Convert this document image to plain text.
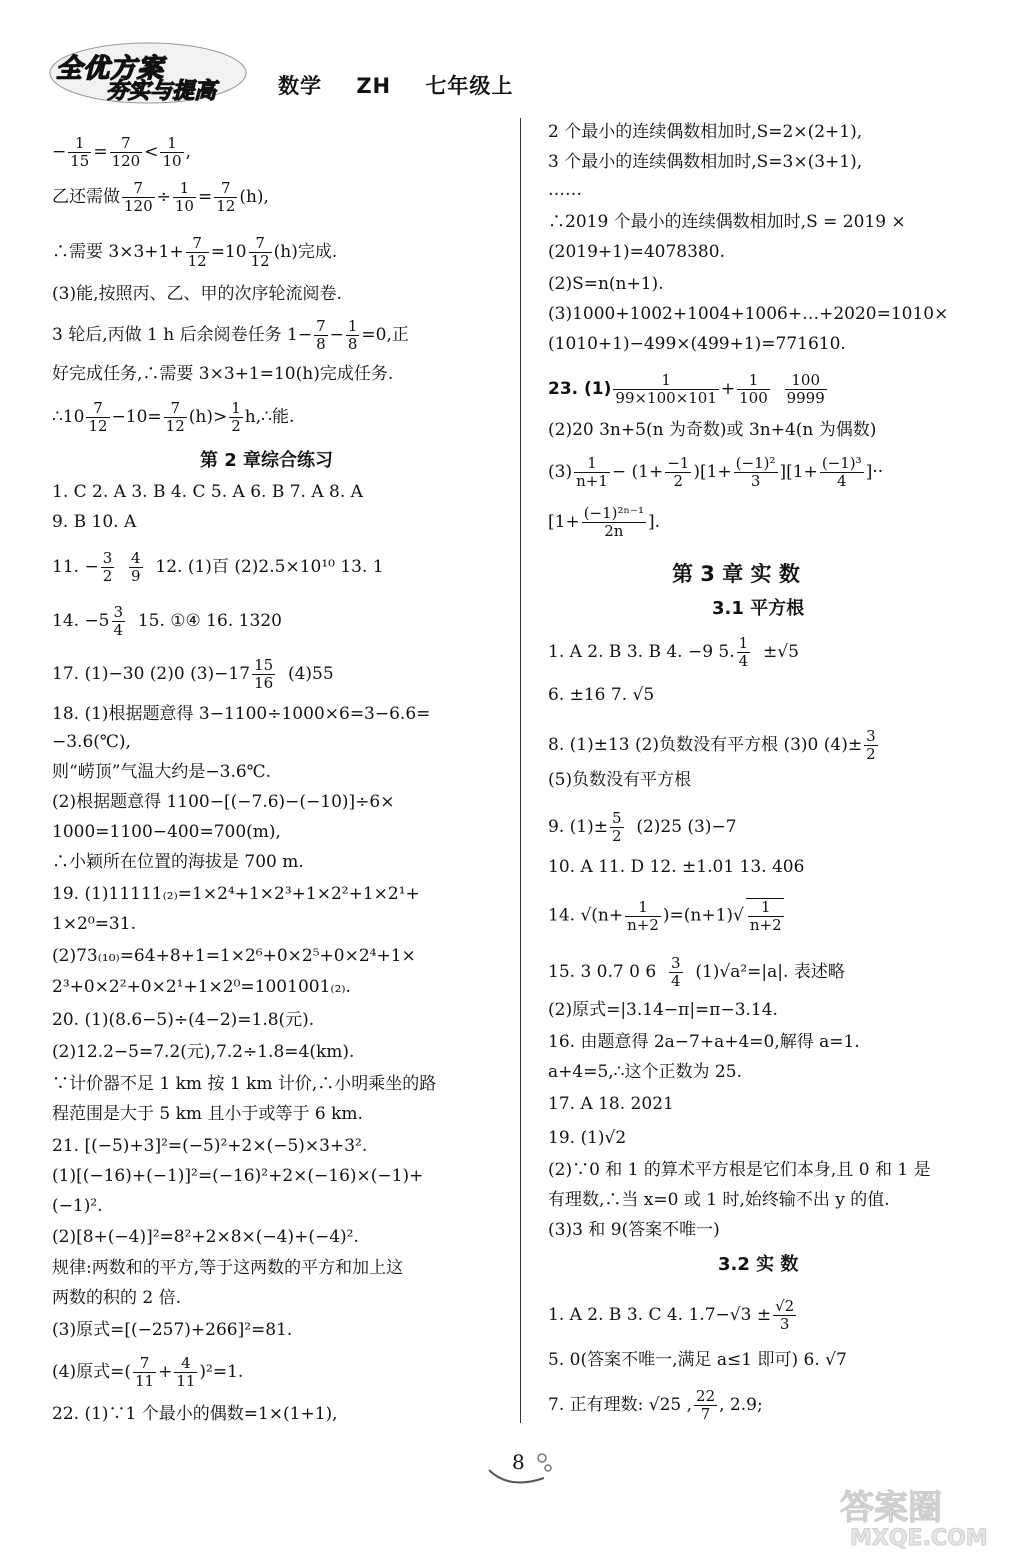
全优方案
夯实与提高	数学 ZH 七年级上
− $\frac{1}{15} = \frac{7}{120} < \frac{1}{10}$ ,
乙还需做 $\frac{7}{120} \div \frac{1}{10} = \frac{7}{12} (h)$,
∴需要 $3\times 3+1+ \frac{7}{12} =10 \frac{7}{12} (h)$完成.
(3)能,按照丙、乙、甲的次序轮流阅卷.
3 轮后,丙做 1 h 后余阅卷任务 $1- \frac{7}{8} - \frac{1}{8} =0$,正
好完成任务,∴需要 3×3+1=10(h)完成任务.
∴10 $\frac{7}{12} -10= \frac{7}{12} (h)> \frac{1}{2}$ h,∴能.
第 2 章综合练习
1. C 2. A 3. B 4. C 5. A 6. B 7. A 8. A
9. B 10. A
11. − $\frac{3}{2}$
$\frac{4}{9} 12$. (1)百 (2)2.5×10¹⁰ 13. 1
14. $-5 \frac{3}{4} 15$. ①④ 16. 1320
17. (1)−30 (2)0 $(3)-17 \frac{15}{16} (4)55$
18. (1)根据题意得 3−1100÷1000×6=3−6.6=
−3.6(℃),
则“崂顶”气温大约是−3.6℃.
(2)根据题意得 1100−[(−7.6)−(−10)]÷6×
1000=1100−400=700(m),
∴小颖所在位置的海拔是 700 m.
19. (1)11111₍₂₎=1×2⁴+1×2³+1×2²+1×2¹+
1×2⁰=31.
(2)73₍₁₀₎=64+8+1=1×2⁶+0×2⁵+0×2⁴+1×
2³+0×2²+0×2¹+1×2⁰=1001001₍₂₎.
20. (1)(8.6−5)÷(4−2)=1.8(元).
(2)12.2−5=7.2(元),7.2÷1.8=4(km).
∵计价器不足 1 km 按 1 km 计价,∴小明乘坐的路
程范围是大于 5 km 且小于或等于 6 km.
21. [(−5)+3]²=(−5)²+2×(−5)×3+3².
(1)[(−16)+(−1)]²=(−16)²+2×(−16)×(−1)+
(−1)².
(2)[8+(−4)]²=8²+2×8×(−4)+(−4)².
规律:两数和的平方,等于这两数的平方和加上这
两数的积的 2 倍.
(3)原式=[(−257)+266]²=81.
(4)原式=( $\frac{7}{11} + \frac{4}{11} )^2=1$.
22. (1)∵1 个最小的偶数=1×(1+1),
2 个最小的连续偶数相加时,S=2×(2+1),
3 个最小的连续偶数相加时,S=3×(3+1),
……
∴2019 个最小的连续偶数相加时,S = 2019 ×
(2019+1)=4078380.
(2)S=n(n+1).
(3)1000+1002+1004+1006+…+2020=1010×
(1010+1)−499×(499+1)=771610.
23. $(1) \frac{1}{99\times 100\times 101} + \frac{1}{100}$
$\frac{100}{9999}$
(2)20 3n+5(n 为奇数)或 3n+4(n 为偶数)
$(3) \frac{1}{n+1} - (1+ \frac{-1}{2} )[1+ \frac{\text{(−1)²}}{3} ][1+ \frac{\text{(−1)³}}{4}$ ]··
[$1+ \frac{\text{(−1)²ⁿ⁻¹}}{2n}$ ].
第 3 章 实 数
3.1 平方根
1. A 2. B 3. B 4. −9 5. $\frac{1}{4} \pm√5$
6. ±16 7. √5
8. (1)±13 (2)负数没有平方根 (3)0 $(4)\pm \frac{3}{2}$
(5)负数没有平方根
9. $(1)\pm \frac{5}{2} (2)25$ (3)−7
10. A 11. D 12. ±1.01 13. 406
14. $√(n+ \frac{1}{n+2} )=(n+1)√ \frac{1}{n+2}$
15. 3 0.7 0 $6 \frac{3}{4} (1)√a^2=|a|$. 表述略
(2)原式=|3.14−π|=π−3.14.
16. 由题意得 2a−7+a+4=0,解得 a=1.
a+4=5,∴这个正数为 25.
17. A 18. 2021
19. (1)√2
(2)∵0 和 1 的算术平方根是它们本身,且 0 和 1 是
有理数,∴当 x=0 或 1 时,始终输不出 y 的值.
(3)3 和 9(答案不唯一)
3.2 实 数
1. A 2. B 3. C 4. $1.7-√3 \pm \frac{√2}{3}$
5. 0(答案不唯一,满足 a≤1 即可) 6. √7
7. 正有理数: √25 , $\frac{22}{7}$ , 2.9;
8
答案圈
MXQE.COM
